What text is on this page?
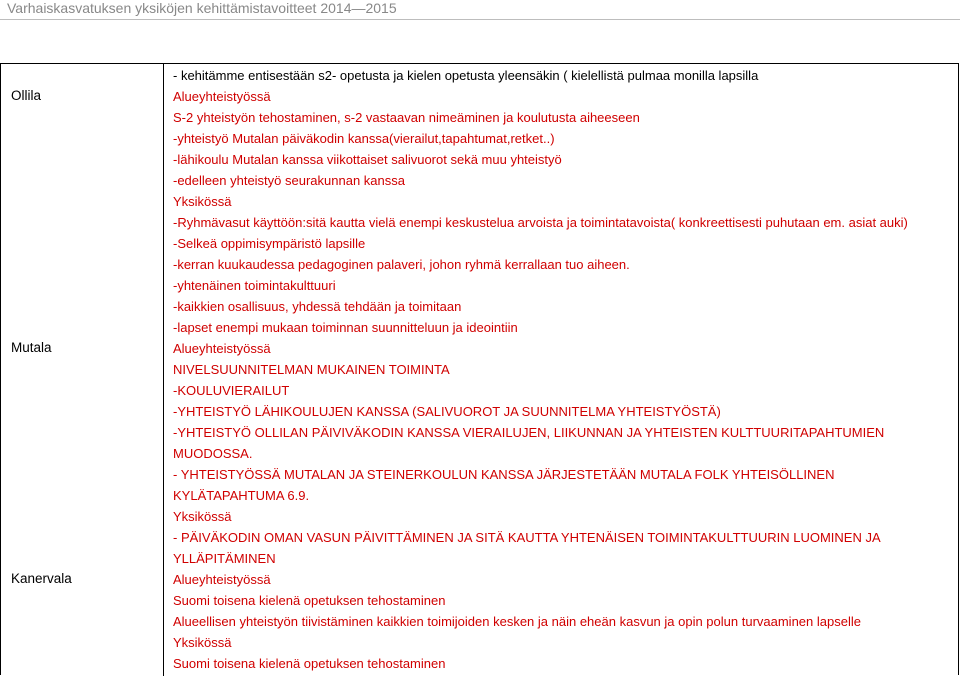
Varhaiskasvatuksen yksiköjen kehittämistavoitteet 2014—2015
Ollila
Mutala
Kanervala
- kehitämme entisestään s2- opetusta ja kielen opetusta yleensäkin ( kielellistä pulmaa monilla lapsilla
Alueyhteistyössä
S-2 yhteistyön tehostaminen, s-2 vastaavan nimeäminen ja koulutusta aiheeseen
-yhteistyö Mutalan päiväkodin kanssa(vierailut,tapahtumat,retket..)
-lähikoulu Mutalan kanssa viikottaiset salivuorot sekä muu yhteistyö
-edelleen yhteistyö seurakunnan kanssa
Yksikössä
-Ryhmävasut käyttöön:sitä kautta vielä enempi keskustelua arvoista ja toimintatavoista( konkreettisesti puhutaan em. asiat auki)
-Selkeä oppimisympäristö lapsille
-kerran kuukaudessa pedagoginen palaveri, johon ryhmä kerrallaan tuo aiheen.
-yhtenäinen toimintakulttuuri
-kaikkien osallisuus, yhdessä tehdään ja toimitaan
-lapset enempi mukaan toiminnan suunnitteluun ja ideointiin
Alueyhteistyössä
NIVELSUUNNITELMAN MUKAINEN TOIMINTA
-KOULUVIERAILUT
-YHTEISTYÖ LÄHIKOULUJEN KANSSA (SALIVUOROT JA SUUNNITELMA YHTEISTYÖSTÄ)
-YHTEISTYÖ OLLILAN PÄIVIVÄKODIN KANSSA VIERAILUJEN, LIIKUNNAN JA YHTEISTEN KULTTUURITAPAHTUMIEN
MUODOSSA.
- YHTEISTYÖSSÄ MUTALAN JA STEINERKOULUN KANSSA JÄRJESTETÄÄN MUTALA FOLK YHTEISÖLLINEN
KYLÄTAPAHTUMA 6.9.
Yksikössä
- PÄIVÄKODIN OMAN VASUN PÄIVITTÄMINEN JA SITÄ KAUTTA YHTENÄISEN TOIMINTAKULTTUURIN LUOMINEN JA
YLLÄPITÄMINEN
Alueyhteistyössä
Suomi toisena kielenä opetuksen tehostaminen
Alueellisen yhteistyön tiivistäminen kaikkien toimijoiden kesken ja näin eheän kasvun ja opin polun turvaaminen lapselle
Yksikössä
Suomi toisena kielenä opetuksen tehostaminen
